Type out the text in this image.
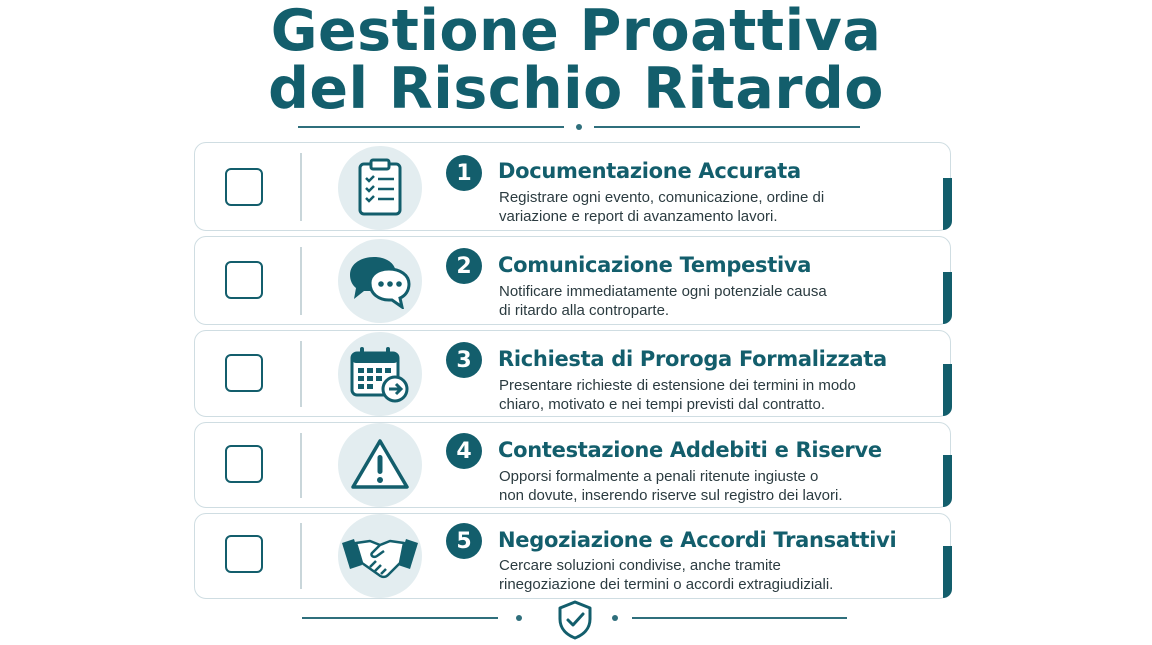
Gestione Proattiva
del Rischio Ritardo
1	Documentazione Accurata
Registrare ogni evento, comunicazione, ordine di
variazione e report di avanzamento lavori.
2	Comunicazione Tempestiva
Notificare immediatamente ogni potenziale causa
di ritardo alla controparte.
3	Richiesta di Proroga Formalizzata
Presentare richieste di estensione dei termini in modo
chiaro, motivato e nei tempi previsti dal contratto.
4	Contestazione Addebiti e Riserve
Opporsi formalmente a penali ritenute ingiuste o
non dovute, inserendo riserve sul registro dei lavori.
5	Negoziazione e Accordi Transattivi
Cercare soluzioni condivise, anche tramite
rinegoziazione dei termini o accordi extragiudiziali.
